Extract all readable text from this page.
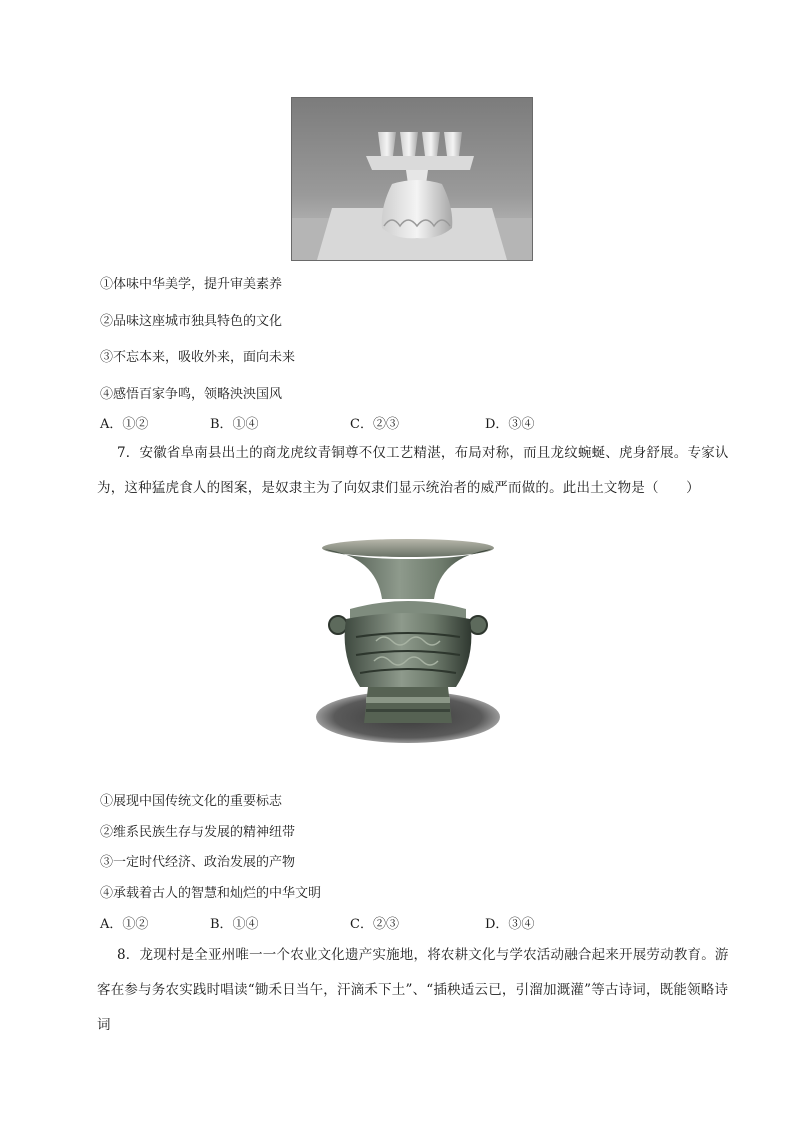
①体味中华美学，提升审美素养
②品味这座城市独具特色的文化
③不忘本来，吸收外来，面向未来
④感悟百家争鸣，领略泱泱国风
A．①②	B．①④	C．②③	D．③④
7．安徽省阜南县出土的商龙虎纹青铜尊不仅工艺精湛，布局对称，而且龙纹蜿蜒、虎身舒展。专家认为，这种猛虎食人的图案，是奴隶主为了向奴隶们显示统治者的威严而做的。此出土文物是（　　）
①展现中国传统文化的重要标志
②维系民族生存与发展的精神纽带
③一定时代经济、政治发展的产物
④承载着古人的智慧和灿烂的中华文明
A．①②	B．①④	C．②③	D．③④
8．龙现村是全亚州唯一一个农业文化遗产实施地，将农耕文化与学农活动融合起来开展劳动教育。游客在参与务农实践时唱读“锄禾日当午，汗滴禾下土”、“插秧适云已，引溜加溉灌”等古诗词，既能领略诗词
